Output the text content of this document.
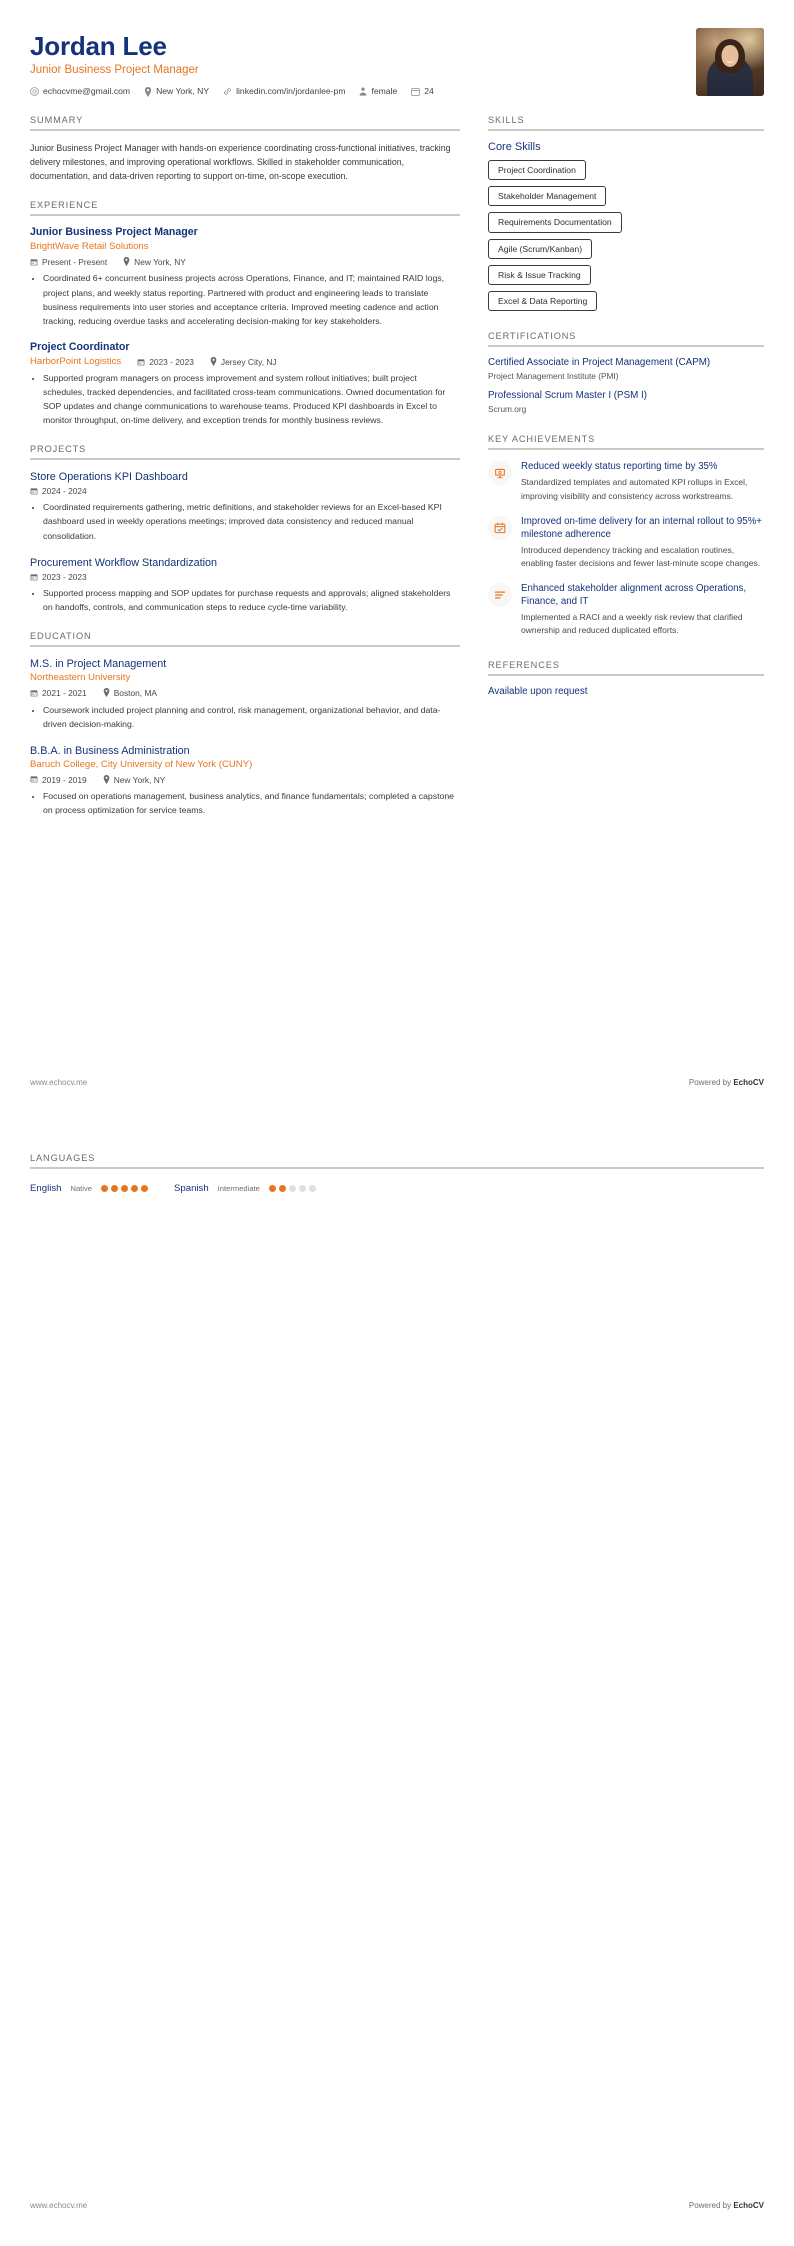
Jordan Lee
Junior Business Project Manager
echocvme@gmail.com	New York, NY	linkedin.com/in/jordanlee-pm	female	24
SUMMARY

Junior Business Project Manager with hands-on experience coordinating cross-functional initiatives, tracking delivery milestones, and improving operational workflows. Skilled in stakeholder communication, documentation, and data-driven reporting to support on-time, on-scope execution.

EXPERIENCE
Junior Business Project Manager
BrightWave Retail Solutions
Present - Present	New York, NY
• Coordinated 6+ concurrent business projects across Operations, Finance, and IT; maintained RAID logs, project plans, and weekly status reporting. Partnered with product and engineering leads to translate business requirements into user stories and acceptance criteria. Improved meeting cadence and action tracking, reducing overdue tasks and accelerating decision-making for key stakeholders.
Project Coordinator
HarborPoint Logistics	2023 - 2023	Jersey City, NJ
• Supported program managers on process improvement and system rollout initiatives; built project schedules, tracked dependencies, and facilitated cross-team communications. Owned documentation for SOP updates and change communications to warehouse teams. Produced KPI dashboards in Excel to monitor throughput, on-time delivery, and exception trends for monthly business reviews.
PROJECTS
Store Operations KPI Dashboard
2024 - 2024
• Coordinated requirements gathering, metric definitions, and stakeholder reviews for an Excel-based KPI dashboard used in weekly operations meetings; improved data consistency and reduced manual consolidation.
Procurement Workflow Standardization
2023 - 2023
• Supported process mapping and SOP updates for purchase requests and approvals; aligned stakeholders on handoffs, controls, and communication steps to reduce cycle-time variability.
EDUCATION
M.S. in Project Management
Northeastern University
2021 - 2021	Boston, MA
• Coursework included project planning and control, risk management, organizational behavior, and data-driven decision-making.
B.B.A. in Business Administration
Baruch College, City University of New York (CUNY)
2019 - 2019	New York, NY
• Focused on operations management, business analytics, and finance fundamentals; completed a capstone on process optimization for service teams.
SKILLS
Core Skills
Project Coordination
Stakeholder Management
Requirements Documentation
Agile (Scrum/Kanban)
Risk & Issue Tracking
Excel & Data Reporting
CERTIFICATIONS
Certified Associate in Project Management (CAPM)
Project Management Institute (PMI)
Professional Scrum Master I (PSM I)
Scrum.org
KEY ACHIEVEMENTS
Reduced weekly status reporting time by 35%
Standardized templates and automated KPI rollups in Excel, improving visibility and consistency across workstreams.
Improved on-time delivery for an internal rollout to 95%+ milestone adherence
Introduced dependency tracking and escalation routines, enabling faster decisions and fewer last-minute scope changes.
Enhanced stakeholder alignment across Operations, Finance, and IT
Implemented a RACI and a weekly risk review that clarified ownership and reduced duplicated efforts.
REFERENCES
Available upon request
www.echocv.me	Powered by EchoCV
LANGUAGES
English Native	Spanish Intermediate
www.echocv.me	Powered by EchoCV
